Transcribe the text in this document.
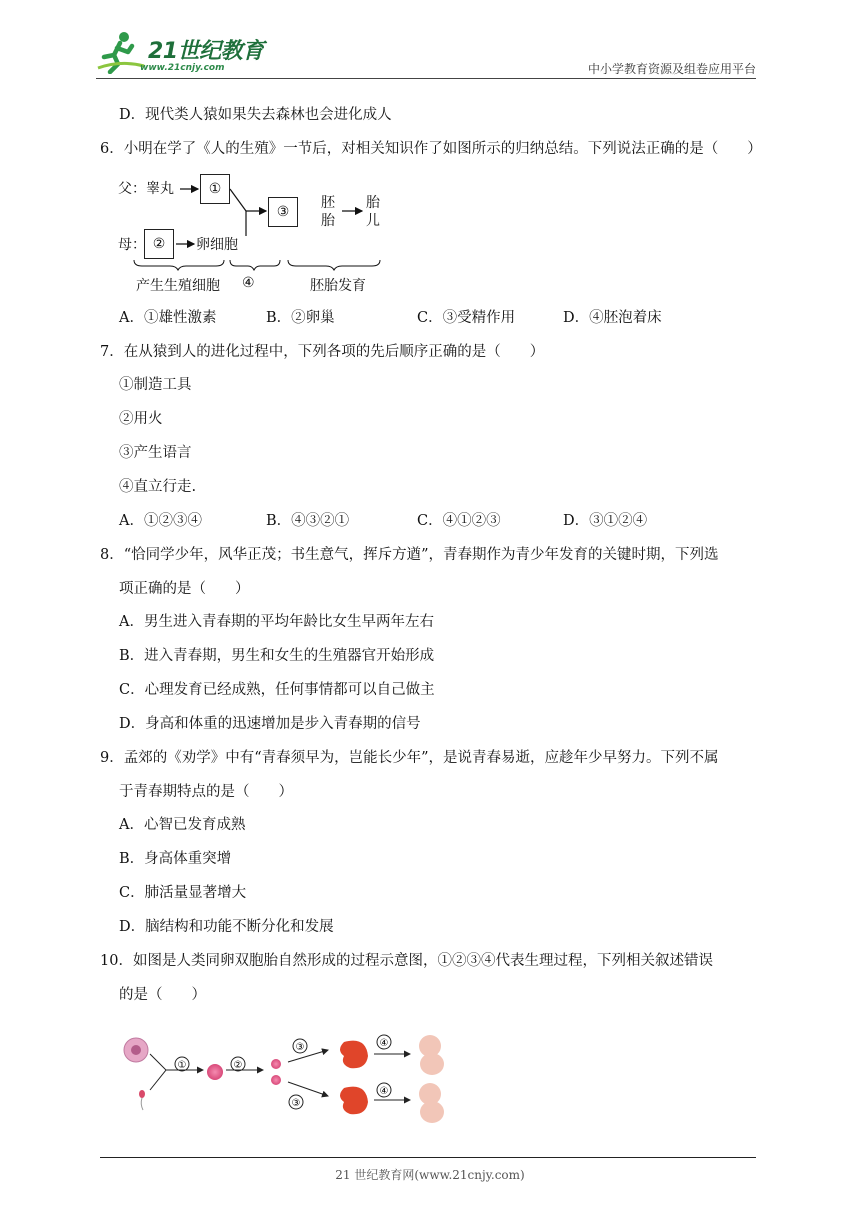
21世纪教育
www.21cnjy.com	中小学教育资源及组卷应用平台
D．现代类人猿如果失去森林也会进化成人
6．小明在学了《人的生殖》一节后，对相关知识作了如图所示的归纳总结。下列说法正确的是（　　）
父：睾丸 ①
母： ② 卵细胞
③
胚
胎
胎
儿
产生生殖细胞 ④	胚胎发育
A．①雄性激素	B．②卵巢	C．③受精作用	D．④胚泡着床
7．在从猿到人的进化过程中，下列各项的先后顺序正确的是（　　）
①制造工具
②用火
③产生语言
④直立行走.
A．①②③④	B．④③②①	C．④①②③	D．③①②④
8．“恰同学少年，风华正茂；书生意气，挥斥方遒”，青春期作为青少年发育的关键时期，下列选
项正确的是（　　）
A．男生进入青春期的平均年龄比女生早两年左右
B．进入青春期，男生和女生的生殖器官开始形成
C．心理发育已经成熟，任何事情都可以自己做主
D．身高和体重的迅速增加是步入青春期的信号
9．孟郊的《劝学》中有“青春须早为，岂能长少年”，是说青春易逝，应趁年少早努力。下列不属
于青春期特点的是（　　）
A．心智已发育成熟
B．身高体重突增
C．肺活量显著增大
D．脑结构和功能不断分化和发展
10．如图是人类同卵双胞胎自然形成的过程示意图，①②③④代表生理过程，下列相关叙述错误
的是（　　）
①	②
③
③
④
④
21 世纪教育网(www.21cnjy.com)
